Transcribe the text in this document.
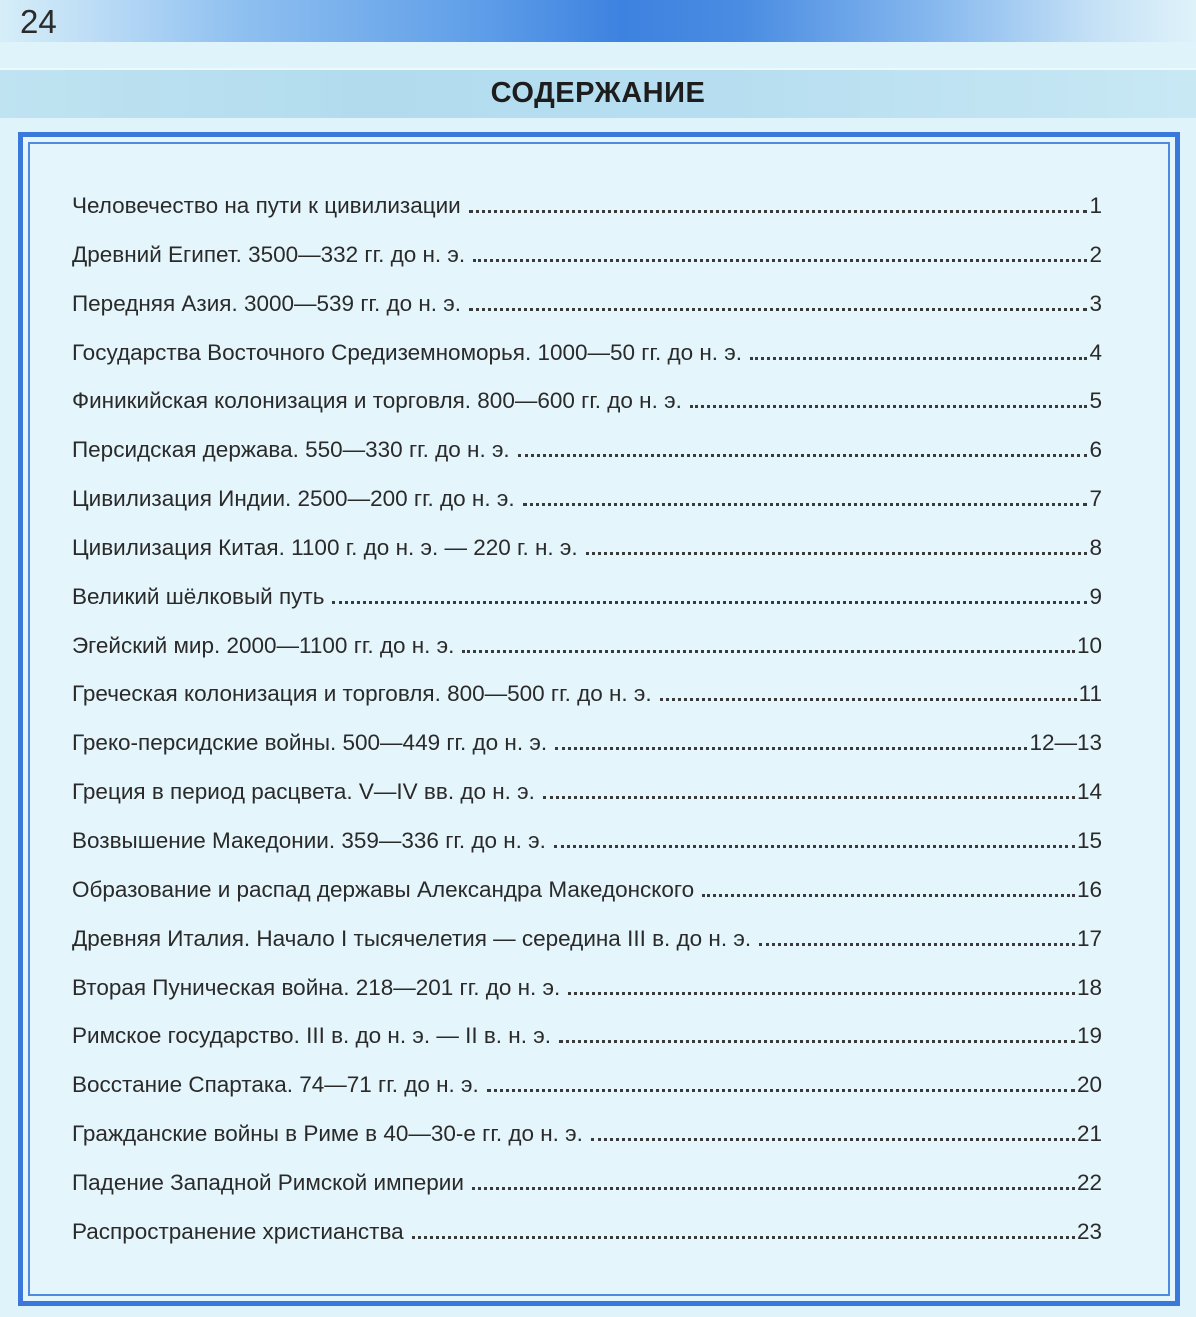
24
СОДЕРЖАНИЕ
Человечество на пути к цивилизации	1
Древний Египет. 3500—332 гг. до н. э.	2
Передняя Азия. 3000—539 гг. до н. э.	3
Государства Восточного Средиземноморья. 1000—50 гг. до н. э.	4
Финикийская колонизация и торговля. 800—600 гг. до н. э.	5
Персидская держава. 550—330 гг. до н. э.	6
Цивилизация Индии. 2500—200 гг. до н. э.	7
Цивилизация Китая. 1100 г. до н. э. — 220 г. н. э.	8
Великий шёлковый путь	9
Эгейский мир. 2000—1100 гг. до н. э.	10
Греческая колонизация и торговля. 800—500 гг. до н. э.	11
Греко-персидские войны. 500—449 гг. до н. э.	12—13
Греция в период расцвета. V—IV вв. до н. э.	14
Возвышение Македонии. 359—336 гг. до н. э.	15
Образование и распад державы Александра Македонского	16
Древняя Италия. Начало I тысячелетия — середина III в. до н. э.	17
Вторая Пуническая война. 218—201 гг. до н. э.	18
Римское государство. III в. до н. э. — II в. н. э.	19
Восстание Спартака. 74—71 гг. до н. э.	20
Гражданские войны в Риме в 40—30-е гг. до н. э.	21
Падение Западной Римской империи	22
Распространение христианства	23
